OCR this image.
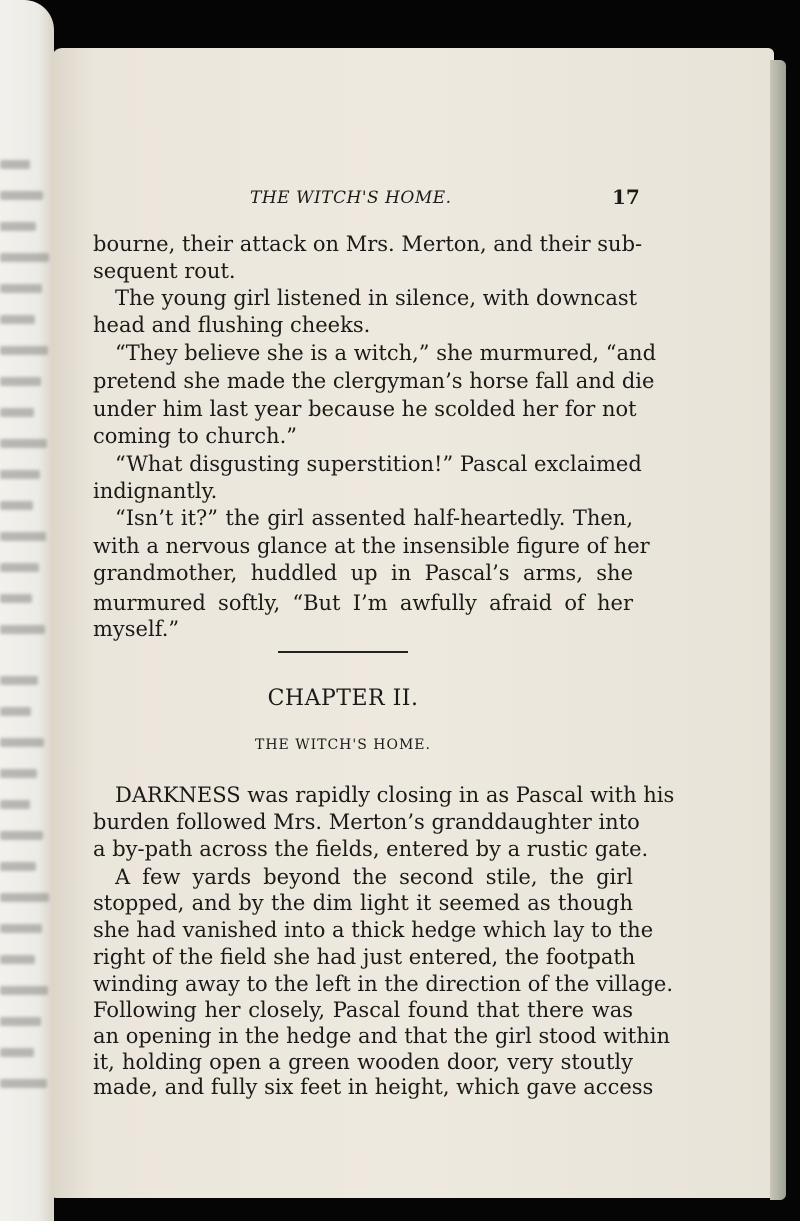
THE WITCH'S HOME.	17
bourne, their attack on Mrs. Merton, and their sub-
sequent rout.
The young girl listened in silence, with downcast
head and flushing cheeks.
“They believe she is a witch,” she murmured, “and
pretend she made the clergyman’s horse fall and die
under him last year because he scolded her for not
coming to church.”
“What disgusting superstition!” Pascal exclaimed
indignantly.
“Isn’t it?” the girl assented half-heartedly. Then,
with a nervous glance at the insensible figure of her
grandmother, huddled up in Pascal’s arms, she
murmured softly, “But I’m awfully afraid of her
myself.”
CHAPTER II.
THE WITCH'S HOME.
DARKNESS was rapidly closing in as Pascal with his
burden followed Mrs. Merton’s granddaughter into
a by-path across the fields, entered by a rustic gate.
A few yards beyond the second stile, the girl
stopped, and by the dim light it seemed as though
she had vanished into a thick hedge which lay to the
right of the field she had just entered, the footpath
winding away to the left in the direction of the village.
Following her closely, Pascal found that there was
an opening in the hedge and that the girl stood within
it, holding open a green wooden door, very stoutly
made, and fully six feet in height, which gave access
